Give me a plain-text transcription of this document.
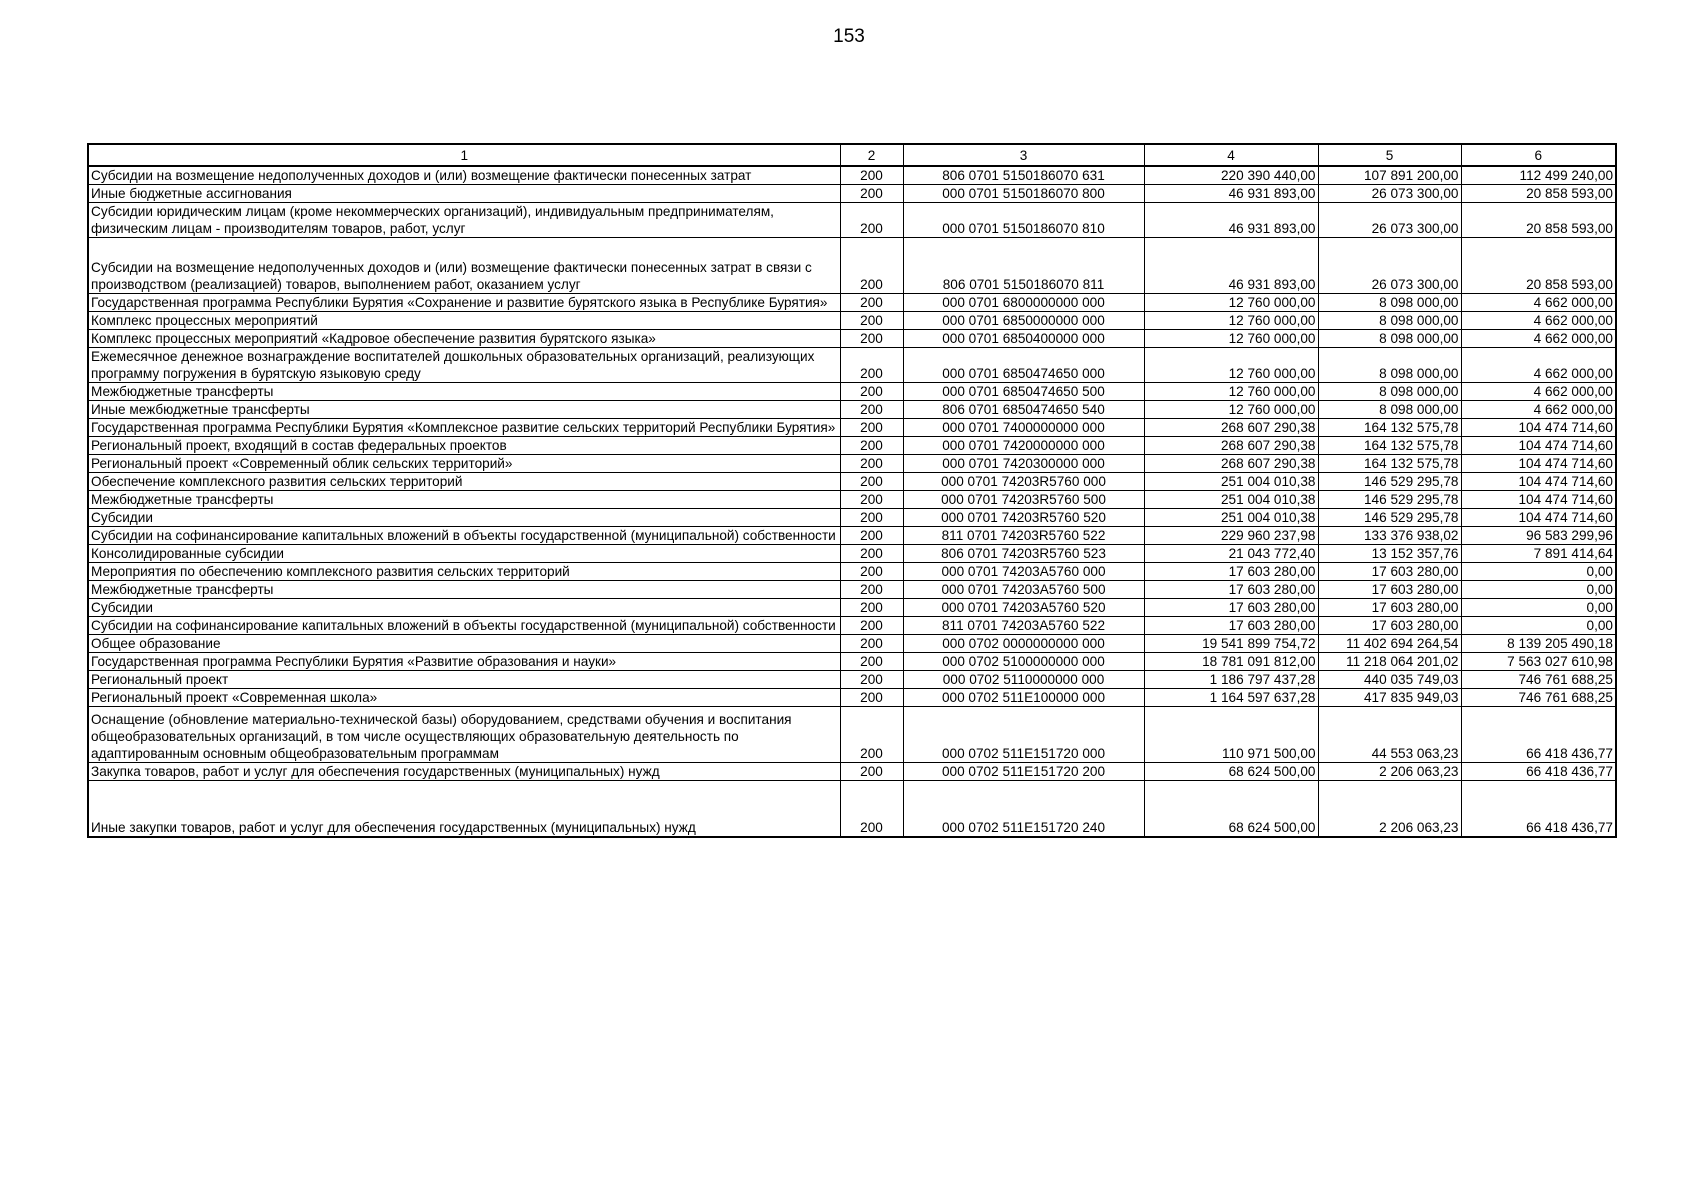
153
1	2	3	4	5	6
Субсидии на возмещение недополученных доходов и (или) возмещение фактически понесенных затрат	200	806 0701 5150186070 631	220 390 440,00	107 891 200,00	112 499 240,00
Иные бюджетные ассигнования	200	000 0701 5150186070 800	46 931 893,00	26 073 300,00	20 858 593,00
Субсидии юридическим лицам (кроме некоммерческих организаций), индивидуальным предпринимателям, физическим лицам - производителям товаров, работ, услуг	200	000 0701 5150186070 810	46 931 893,00	26 073 300,00	20 858 593,00
Субсидии на возмещение недополученных доходов и (или) возмещение фактически понесенных затрат в связи с производством (реализацией) товаров, выполнением работ, оказанием услуг	200	806 0701 5150186070 811	46 931 893,00	26 073 300,00	20 858 593,00
Государственная программа Республики Бурятия «Сохранение и развитие бурятского языка в Республике Бурятия»	200	000 0701 6800000000 000	12 760 000,00	8 098 000,00	4 662 000,00
Комплекс процессных мероприятий	200	000 0701 6850000000 000	12 760 000,00	8 098 000,00	4 662 000,00
Комплекс процессных мероприятий «Кадровое обеспечение развития бурятского языка»	200	000 0701 6850400000 000	12 760 000,00	8 098 000,00	4 662 000,00
Ежемесячное денежное вознаграждение воспитателей дошкольных образовательных организаций, реализующих программу погружения в бурятскую языковую среду	200	000 0701 6850474650 000	12 760 000,00	8 098 000,00	4 662 000,00
Межбюджетные трансферты	200	000 0701 6850474650 500	12 760 000,00	8 098 000,00	4 662 000,00
Иные межбюджетные трансферты	200	806 0701 6850474650 540	12 760 000,00	8 098 000,00	4 662 000,00
Государственная программа Республики Бурятия «Комплексное развитие сельских территорий Республики Бурятия»	200	000 0701 7400000000 000	268 607 290,38	164 132 575,78	104 474 714,60
Региональный проект, входящий в состав федеральных проектов	200	000 0701 7420000000 000	268 607 290,38	164 132 575,78	104 474 714,60
Региональный проект «Современный облик сельских территорий»	200	000 0701 7420300000 000	268 607 290,38	164 132 575,78	104 474 714,60
Обеспечение комплексного развития сельских территорий	200	000 0701 74203R5760 000	251 004 010,38	146 529 295,78	104 474 714,60
Межбюджетные трансферты	200	000 0701 74203R5760 500	251 004 010,38	146 529 295,78	104 474 714,60
Субсидии	200	000 0701 74203R5760 520	251 004 010,38	146 529 295,78	104 474 714,60
Субсидии на софинансирование капитальных вложений в объекты государственной (муниципальной) собственности	200	811 0701 74203R5760 522	229 960 237,98	133 376 938,02	96 583 299,96
Консолидированные субсидии	200	806 0701 74203R5760 523	21 043 772,40	13 152 357,76	7 891 414,64
Мероприятия по обеспечению комплексного развития сельских территорий	200	000 0701 74203A5760 000	17 603 280,00	17 603 280,00	0,00
Межбюджетные трансферты	200	000 0701 74203A5760 500	17 603 280,00	17 603 280,00	0,00
Субсидии	200	000 0701 74203A5760 520	17 603 280,00	17 603 280,00	0,00
Субсидии на софинансирование капитальных вложений в объекты государственной (муниципальной) собственности	200	811 0701 74203A5760 522	17 603 280,00	17 603 280,00	0,00
Общее образование	200	000 0702 0000000000 000	19 541 899 754,72	11 402 694 264,54	8 139 205 490,18
Государственная программа Республики Бурятия «Развитие образования и науки»	200	000 0702 5100000000 000	18 781 091 812,00	11 218 064 201,02	7 563 027 610,98
Региональный проект	200	000 0702 5110000000 000	1 186 797 437,28	440 035 749,03	746 761 688,25
Региональный проект «Современная школа»	200	000 0702 511E100000 000	1 164 597 637,28	417 835 949,03	746 761 688,25
Оснащение (обновление материально-технической базы) оборудованием, средствами обучения и воспитания общеобразовательных организаций, в том числе осуществляющих образовательную деятельность по адаптированным основным общеобразовательным программам	200	000 0702 511E151720 000	110 971 500,00	44 553 063,23	66 418 436,77
Закупка товаров, работ и услуг для обеспечения государственных (муниципальных) нужд	200	000 0702 511E151720 200	68 624 500,00	2 206 063,23	66 418 436,77
Иные закупки товаров, работ и услуг для обеспечения государственных (муниципальных) нужд	200	000 0702 511E151720 240	68 624 500,00	2 206 063,23	66 418 436,77
